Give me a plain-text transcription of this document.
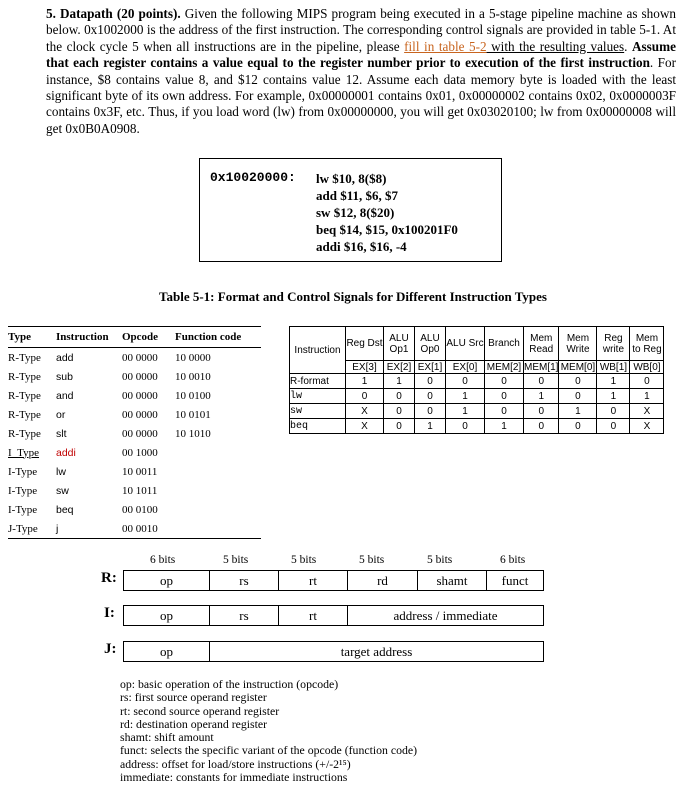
5. Datapath (20 points). Given the following MIPS program being executed in a 5-stage pipeline machine as shown below. 0x1002000 is the address of the first instruction. The corresponding control signals are provided in table 5-1. At the clock cycle 5 when all instructions are in the pipeline, please fill in table 5-2 with the resulting values. Assume that each register contains a value equal to the register number prior to execution of the first instruction. For instance, $8 contains value 8, and $12 contains value 12. Assume each data memory byte is loaded with the least significant byte of its own address. For example, 0x00000001 contains 0x01, 0x00000002 contains 0x02, 0x0000003F contains 0x3F, etc. Thus, if you load word (lw) from 0x00000000, you will get 0x03020100; lw from 0x00000008 will get 0x0B0A0908.
0x10020000: lw $10, 8($8)
add $11, $6, $7
sw $12, 8($20)
beq $14, $15, 0x100201F0
addi $16, $16, -4
Table 5-1: Format and Control Signals for Different Instruction Types
Type	Instruction	Opcode	Function code
R-Type	add	00 0000	10 0000
R-Type	sub	00 0000	10 0010
R-Type	and	00 0000	10 0100
R-Type	or	00 0000	10 0101
R-Type	slt	00 0000	10 1010
I_Type	addi	00 1000	
I-Type	lw	10 0011	
I-Type	sw	10 1011	
I-Type	beq	00 0100	
J-Type	j	00 0010	
Instruction	Reg Dst	ALU Op1	ALU Op0	ALU Src	Branch	Mem Read	Mem Write	Reg write	Mem to Reg
	EX[3]	EX[2]	EX[1]	EX[0]	MEM[2]	MEM[1]	MEM[0]	WB[1]	WB[0]
R-format	1	1	0	0	0	0	0	1	0
lw	0	0	0	1	0	1	0	1	1
sw	X	0	0	1	0	0	1	0	X
beq	X	0	1	0	1	0	0	0	X
6 bits	5 bits	5 bits	5 bits	5 bits	6 bits
R:	op	rs	rt	rd	shamt	funct
I:	op	rs	rt	address / immediate
J:	op	target address
op: basic operation of the instruction (opcode)
rs: first source operand register
rt: second source operand register
rd: destination operand register
shamt: shift amount
funct: selects the specific variant of the opcode (function code)
address: offset for load/store instructions (+/-2¹⁵)
immediate: constants for immediate instructions
